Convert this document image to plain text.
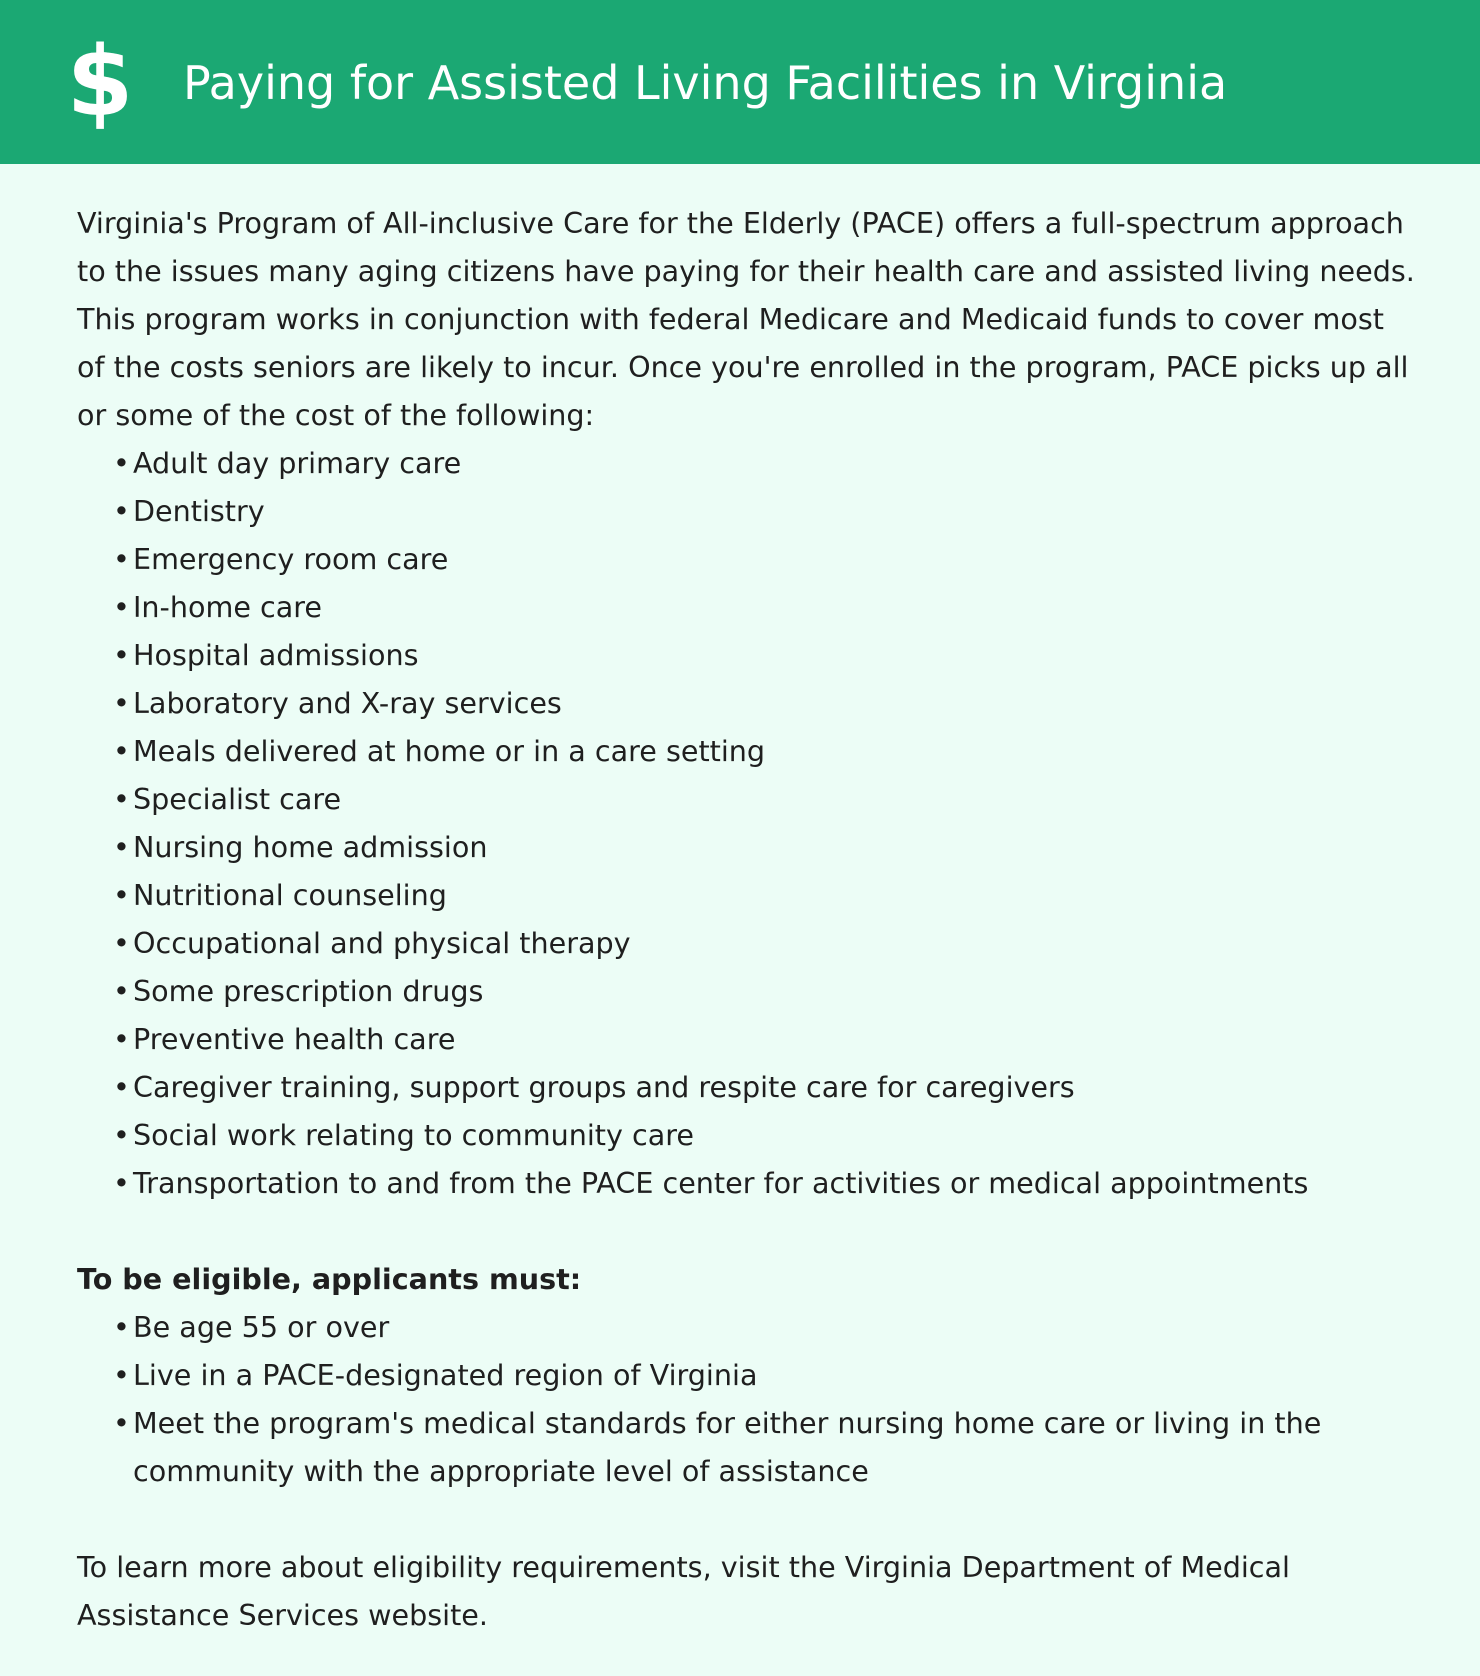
$ Paying for Assisted Living Facilities in Virginia

Virginia's Program of All-inclusive Care for the Elderly (PACE) offers a full-spectrum approach to the issues many aging citizens have paying for their health care and assisted living needs. This program works in conjunction with federal Medicare and Medicaid funds to cover most of the costs seniors are likely to incur. Once you're enrolled in the program, PACE picks up all or some of the cost of the following:

• Adult day primary care
• Dentistry
• Emergency room care
• In-home care
• Hospital admissions
• Laboratory and X-ray services
• Meals delivered at home or in a care setting
• Specialist care
• Nursing home admission
• Nutritional counseling
• Occupational and physical therapy
• Some prescription drugs
• Preventive health care
• Caregiver training, support groups and respite care for caregivers
• Social work relating to community care
• Transportation to and from the PACE center for activities or medical appointments

To be eligible, applicants must:

• Be age 55 or over
• Live in a PACE-designated region of Virginia
• Meet the program's medical standards for either nursing home care or living in the community with the appropriate level of assistance

To learn more about eligibility requirements, visit the Virginia Department of Medical Assistance Services website.
